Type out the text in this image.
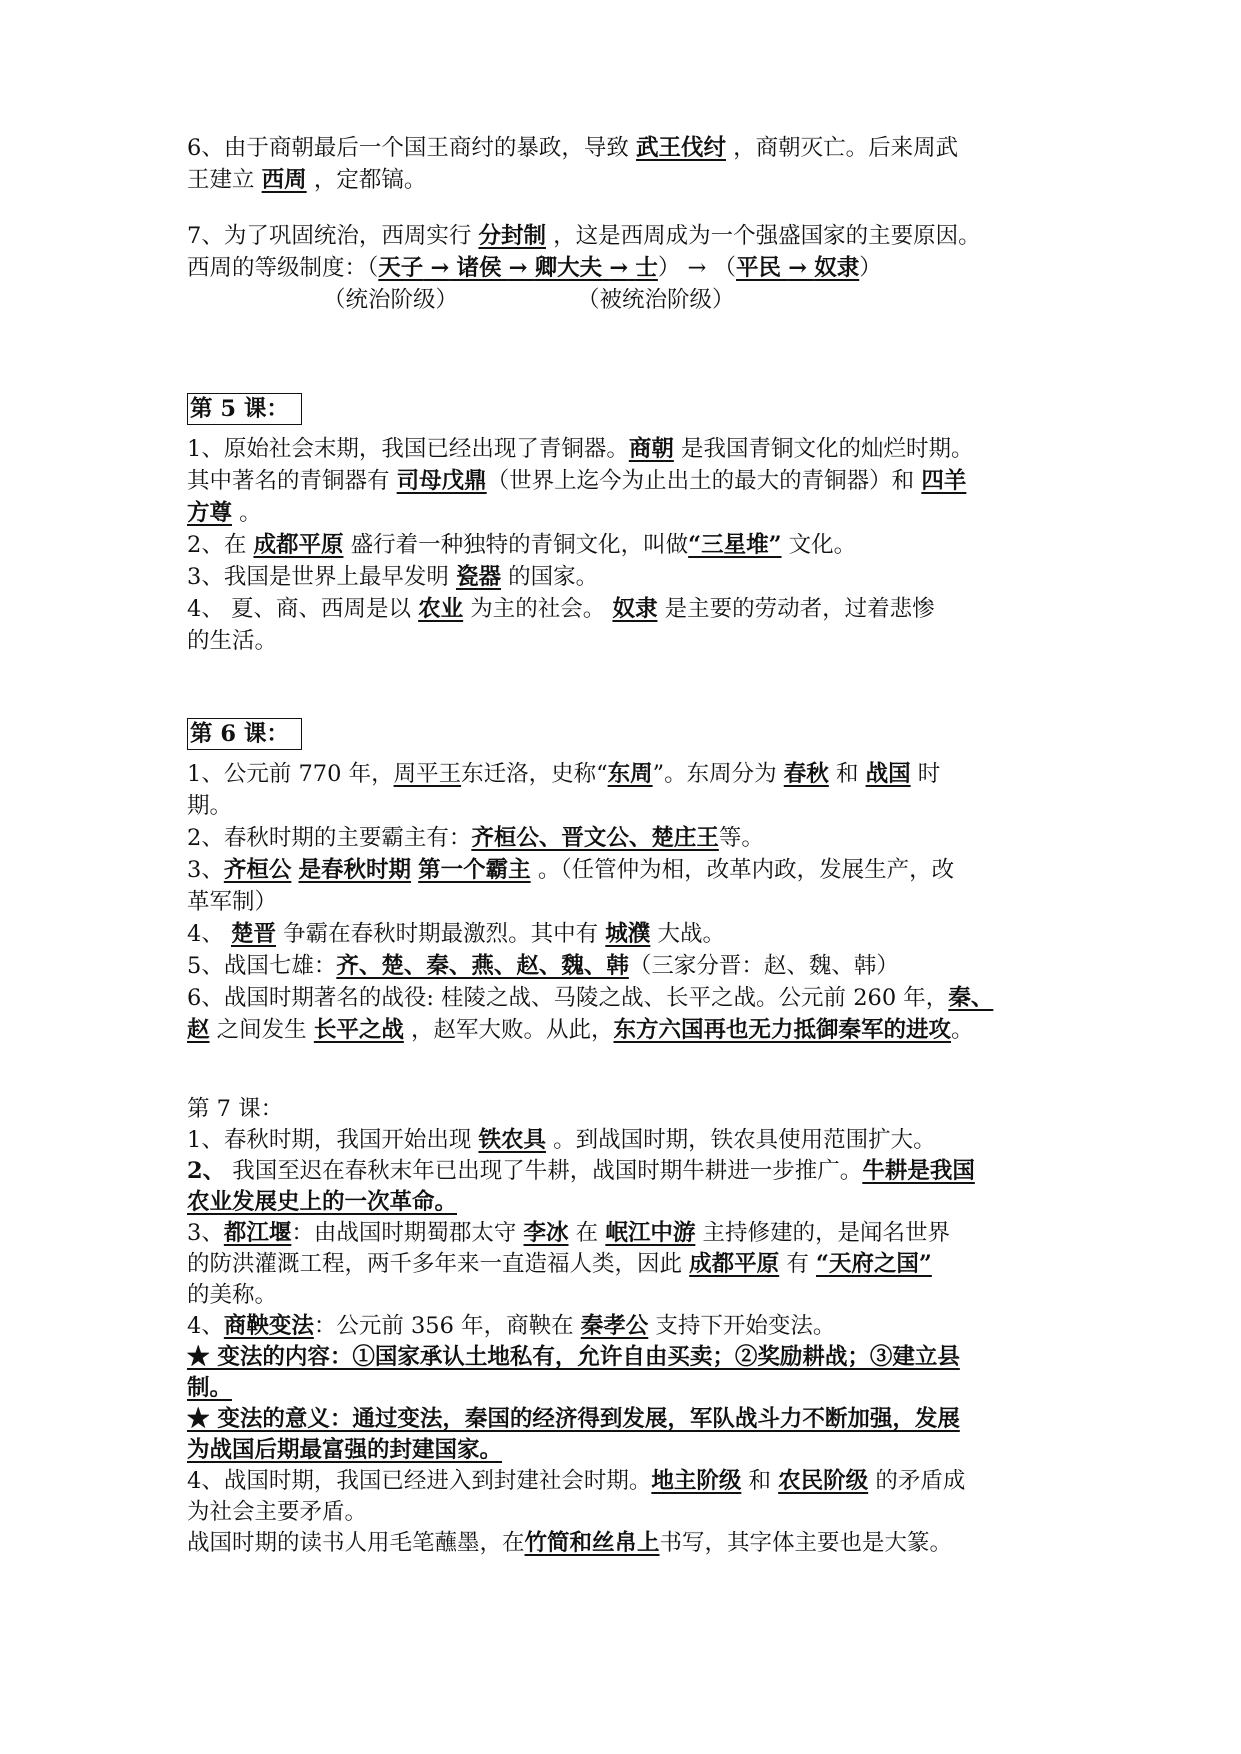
6、由于商朝最后一个国王商纣的暴政，导致 武王伐纣 ，商朝灭亡。后来周武
王建立 西周 ，定都镐。
7、为了巩固统治，西周实行 分封制 ，这是西周成为一个强盛国家的主要原因。
西周的等级制度：（天子 → 诸侯 → 卿大夫 → 士） → （平民 → 奴隶）
（统治阶级）	（被统治阶级）
第 5 课：
1、原始社会末期，我国已经出现了青铜器。商朝 是我国青铜文化的灿烂时期。
其中著名的青铜器有 司母戊鼎（世界上迄今为止出土的最大的青铜器）和 四羊
方尊 。
2、在 成都平原 盛行着一种独特的青铜文化，叫做“三星堆” 文化。
3、我国是世界上最早发明 瓷器 的国家。
4、 夏、商、西周是以 农业 为主的社会。 奴隶 是主要的劳动者，过着悲惨
的生活。
第 6 课：
1、公元前 770 年，周平王东迁洛，史称“东周”。东周分为 春秋 和 战国 时
期。
2、春秋时期的主要霸主有：齐桓公、晋文公、楚庄王等。
3、齐桓公 是春秋时期 第一个霸主 。（任管仲为相，改革内政，发展生产，改
革军制）
4、 楚晋 争霸在春秋时期最激烈。其中有 城濮 大战。
5、战国七雄：齐、楚、秦、燕、赵、魏、韩（三家分晋：赵、魏、韩）
6、战国时期著名的战役: 桂陵之战、马陵之战、长平之战。公元前 260 年，秦、
赵 之间发生 长平之战 ，赵军大败。从此，东方六国再也无力抵御秦军的进攻。
第 7 课：
1、春秋时期，我国开始出现 铁农具 。到战国时期，铁农具使用范围扩大。
2、 我国至迟在春秋末年已出现了牛耕，战国时期牛耕进一步推广。牛耕是我国
农业发展史上的一次革命。
3、都江堰：由战国时期蜀郡太守 李冰 在 岷江中游 主持修建的，是闻名世界
的防洪灌溉工程，两千多年来一直造福人类，因此 成都平原 有 “天府之国”
的美称。
4、商鞅变法：公元前 356 年，商鞅在 秦孝公 支持下开始变法。
★ 变法的内容：①国家承认土地私有，允许自由买卖；②奖励耕战；③建立县
制。
★ 变法的意义：通过变法，秦国的经济得到发展，军队战斗力不断加强，发展
为战国后期最富强的封建国家。
4、战国时期，我国已经进入到封建社会时期。地主阶级 和 农民阶级 的矛盾成
为社会主要矛盾。
战国时期的读书人用毛笔蘸墨，在竹简和丝帛上书写，其字体主要也是大篆。
